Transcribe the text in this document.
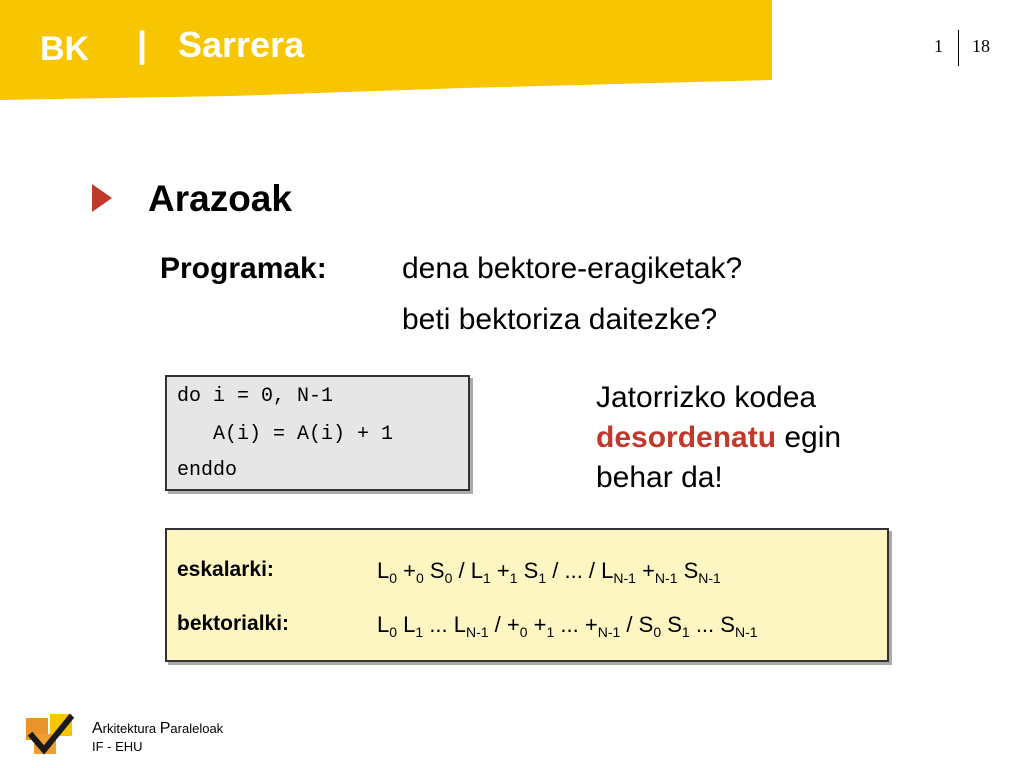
BK | Sarrera	1 18
Arazoak
Programak:	dena bektore-eragiketak?
beti bektoriza daitezke?
do i = 0, N-1
A(i) = A(i) + 1
enddo
Jatorrizko kodea
desordenatu egin
behar da!
eskalarki:	$L_0 +_0$ $S_0 / L_1 +_1$ $S_1$ / ... / $L_{N-1} +_{N-1}$ $S_{N-1}$
bektorialki:	$L_0$ $L_1$ ... $L_{N-1} / +_0 +_1$ ... $+_{N-1} / S_0$ $S_1$ ... $S_{N-1}$
Arkitektura Paraleloak
IF - EHU
